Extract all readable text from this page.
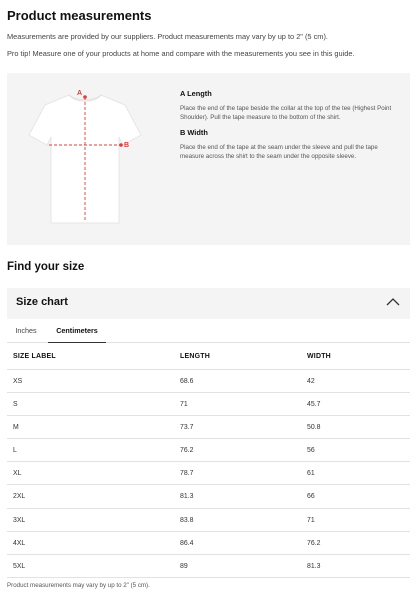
Product measurements
Measurements are provided by our suppliers. Product measurements may vary by up to 2" (5 cm).
Pro tip! Measure one of your products at home and compare with the measurements you see in this guide.
A
B
A Length
Place the end of the tape beside the collar at the top of the tee (Highest Point Shoulder). Pull the tape measure to the bottom of the shirt.
B Width
Place the end of the tape at the seam under the sleeve and pull the tape measure across the shirt to the seam under the opposite sleeve.
Find your size
Size chart
Inches	Centimeters
SIZE LABEL	LENGTH	WIDTH
XS	68.6	42
S	71	45.7
M	73.7	50.8
L	76.2	56
XL	78.7	61
2XL	81.3	66
3XL	83.8	71
4XL	86.4	76.2
5XL	89	81.3
Product measurements may vary by up to 2" (5 cm).
